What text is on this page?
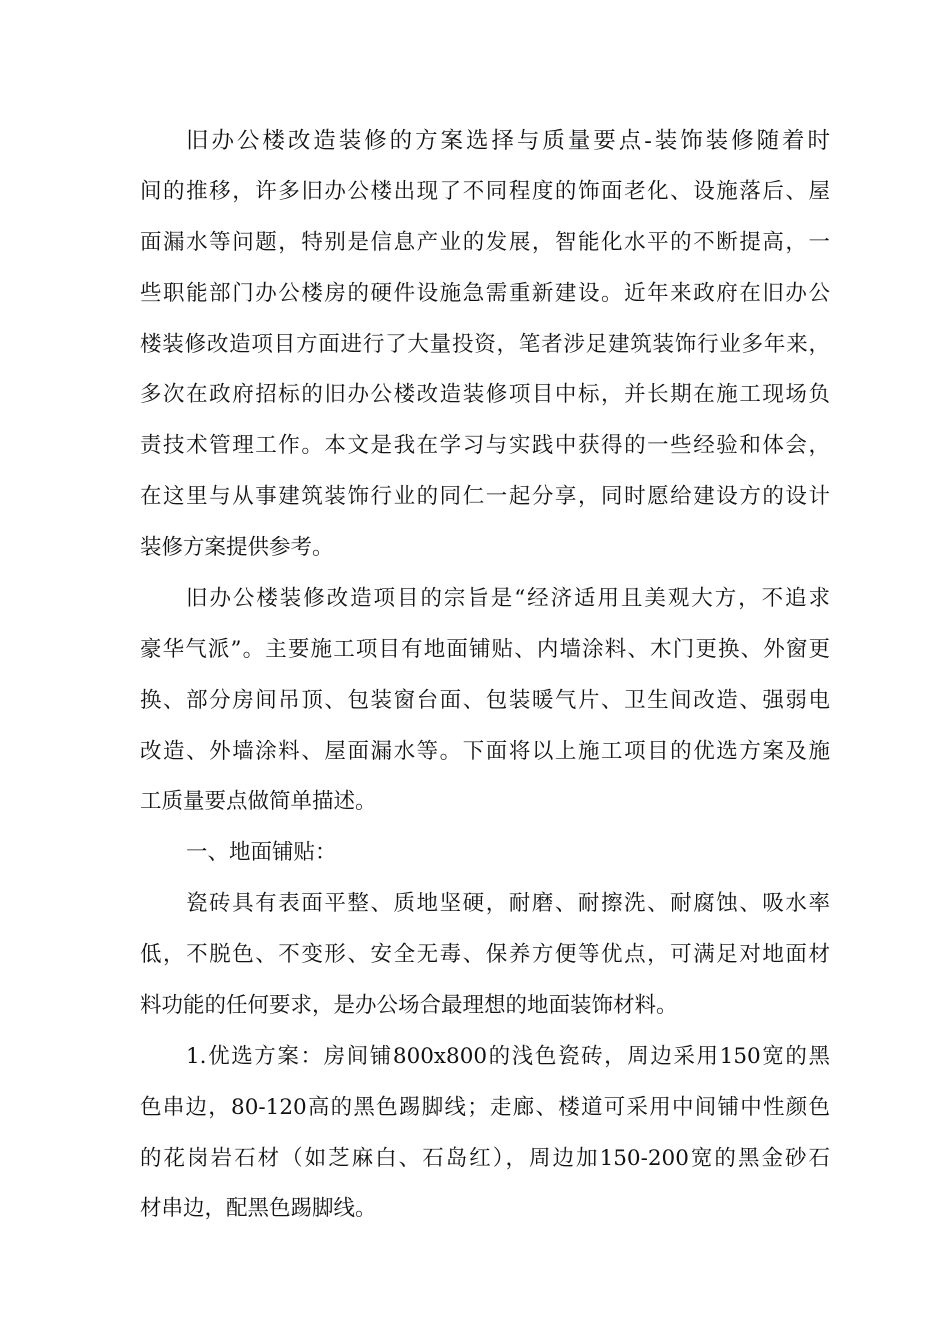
旧办公楼改造装修的方案选择与质量要点-装饰装修随着时
间的推移，许多旧办公楼出现了不同程度的饰面老化、设施落后、屋
面漏水等问题，特别是信息产业的发展，智能化水平的不断提高，一
些职能部门办公楼房的硬件设施急需重新建设。近年来政府在旧办公
楼装修改造项目方面进行了大量投资，笔者涉足建筑装饰行业多年来，
多次在政府招标的旧办公楼改造装修项目中标，并长期在施工现场负
责技术管理工作。本文是我在学习与实践中获得的一些经验和体会，
在这里与从事建筑装饰行业的同仁一起分享，同时愿给建设方的设计
装修方案提供参考。
旧办公楼装修改造项目的宗旨是“经济适用且美观大方，不追求
豪华气派”。主要施工项目有地面铺贴、内墙涂料、木门更换、外窗更
换、部分房间吊顶、包装窗台面、包装暖气片、卫生间改造、强弱电
改造、外墙涂料、屋面漏水等。下面将以上施工项目的优选方案及施
工质量要点做简单描述。
一、地面铺贴：
瓷砖具有表面平整、质地坚硬，耐磨、耐擦洗、耐腐蚀、吸水率
低，不脱色、不变形、安全无毒、保养方便等优点，可满足对地面材
料功能的任何要求，是办公场合最理想的地面装饰材料。
1.优选方案：房间铺800x800的浅色瓷砖，周边采用150宽的黑
色串边，80-120高的黑色踢脚线；走廊、楼道可采用中间铺中性颜色
的花岗岩石材（如芝麻白、石岛红），周边加150-200宽的黑金砂石
材串边，配黑色踢脚线。
